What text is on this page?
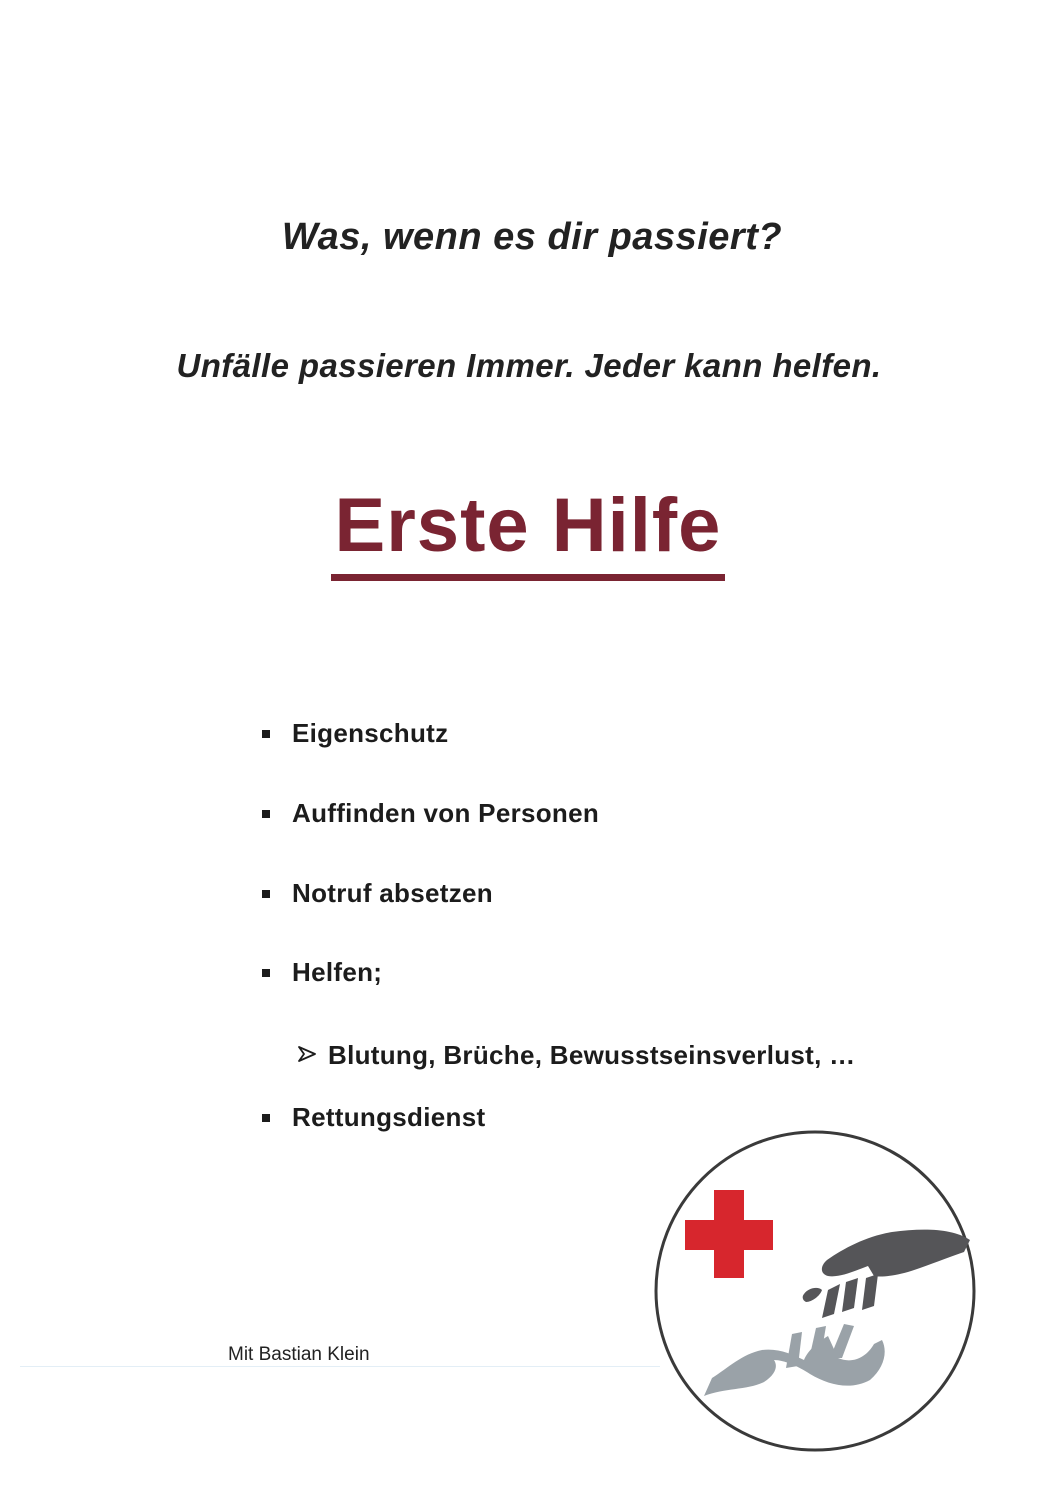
Was, wenn es dir passiert?
Unfälle passieren Immer. Jeder kann helfen.
Erste Hilfe
Eigenschutz
Auffinden von Personen
Notruf absetzen
Helfen;
Blutung, Brüche, Bewusstseinsverlust, …
Rettungsdienst
Mit Bastian Klein
